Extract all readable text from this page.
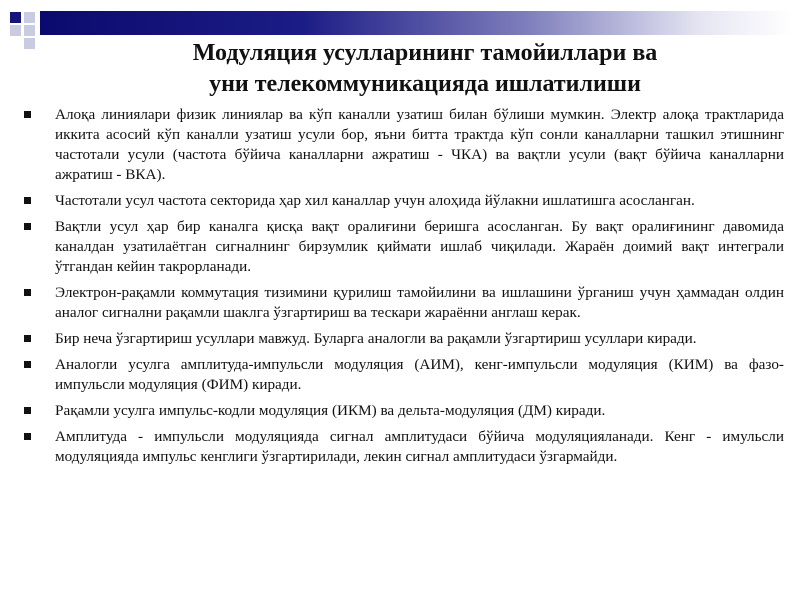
Модуляция усулларининг тамойиллари ва
уни телекоммуникацияда ишлатилиши
Алоқа линиялари физик линиялар ва кўп каналли узатиш билан бўлиши мумкин. Электр алоқа трактларида иккита асосий кўп каналли узатиш усули бор, яъни битта трактда кўп сонли каналларни ташкил этишнинг частотали усули (частота бўйича каналларни ажратиш - ЧКА) ва вақтли усули (вақт бўйича каналларни ажратиш - ВКА).
Частотали усул частота секторида ҳар хил каналлар учун алоҳида йўлакни ишлатишга асосланган.
Вақтли усул ҳар бир каналга қисқа вақт оралиғини беришга асосланган. Бу вақт оралиғининг давомида каналдан узатилаётган сигналнинг бирзумлик қиймати ишлаб чиқилади. Жараён доимий вақт интеграли ўтгандан кейин такрорланади.
Электрон-рақамли коммутация тизимини қурилиш тамойилини ва ишлашини ўрганиш учун ҳаммадан олдин аналог сигнални рақамли шаклга ўзгартириш ва тескари жараённи англаш керак.
Бир неча ўзгартириш усуллари мавжуд. Буларга аналогли ва рақамли ўзгартириш усуллари киради.
Аналогли усулга амплитуда-импульсли модуляция (АИМ), кенг-импульсли модуляция (КИМ) ва фазо-импульсли модуляция (ФИМ) киради.
Рақамли усулга импульс-кодли модуляция (ИКМ) ва дельта-модуляция (ДМ) киради.
Амплитуда - импульсли модуляцияда сигнал амплитудаси бўйича модуляцияланади. Кенг - имульсли модуляцияда импульс кенглиги ўзгартирилади, лекин сигнал амплитудаси ўзгармайди.
